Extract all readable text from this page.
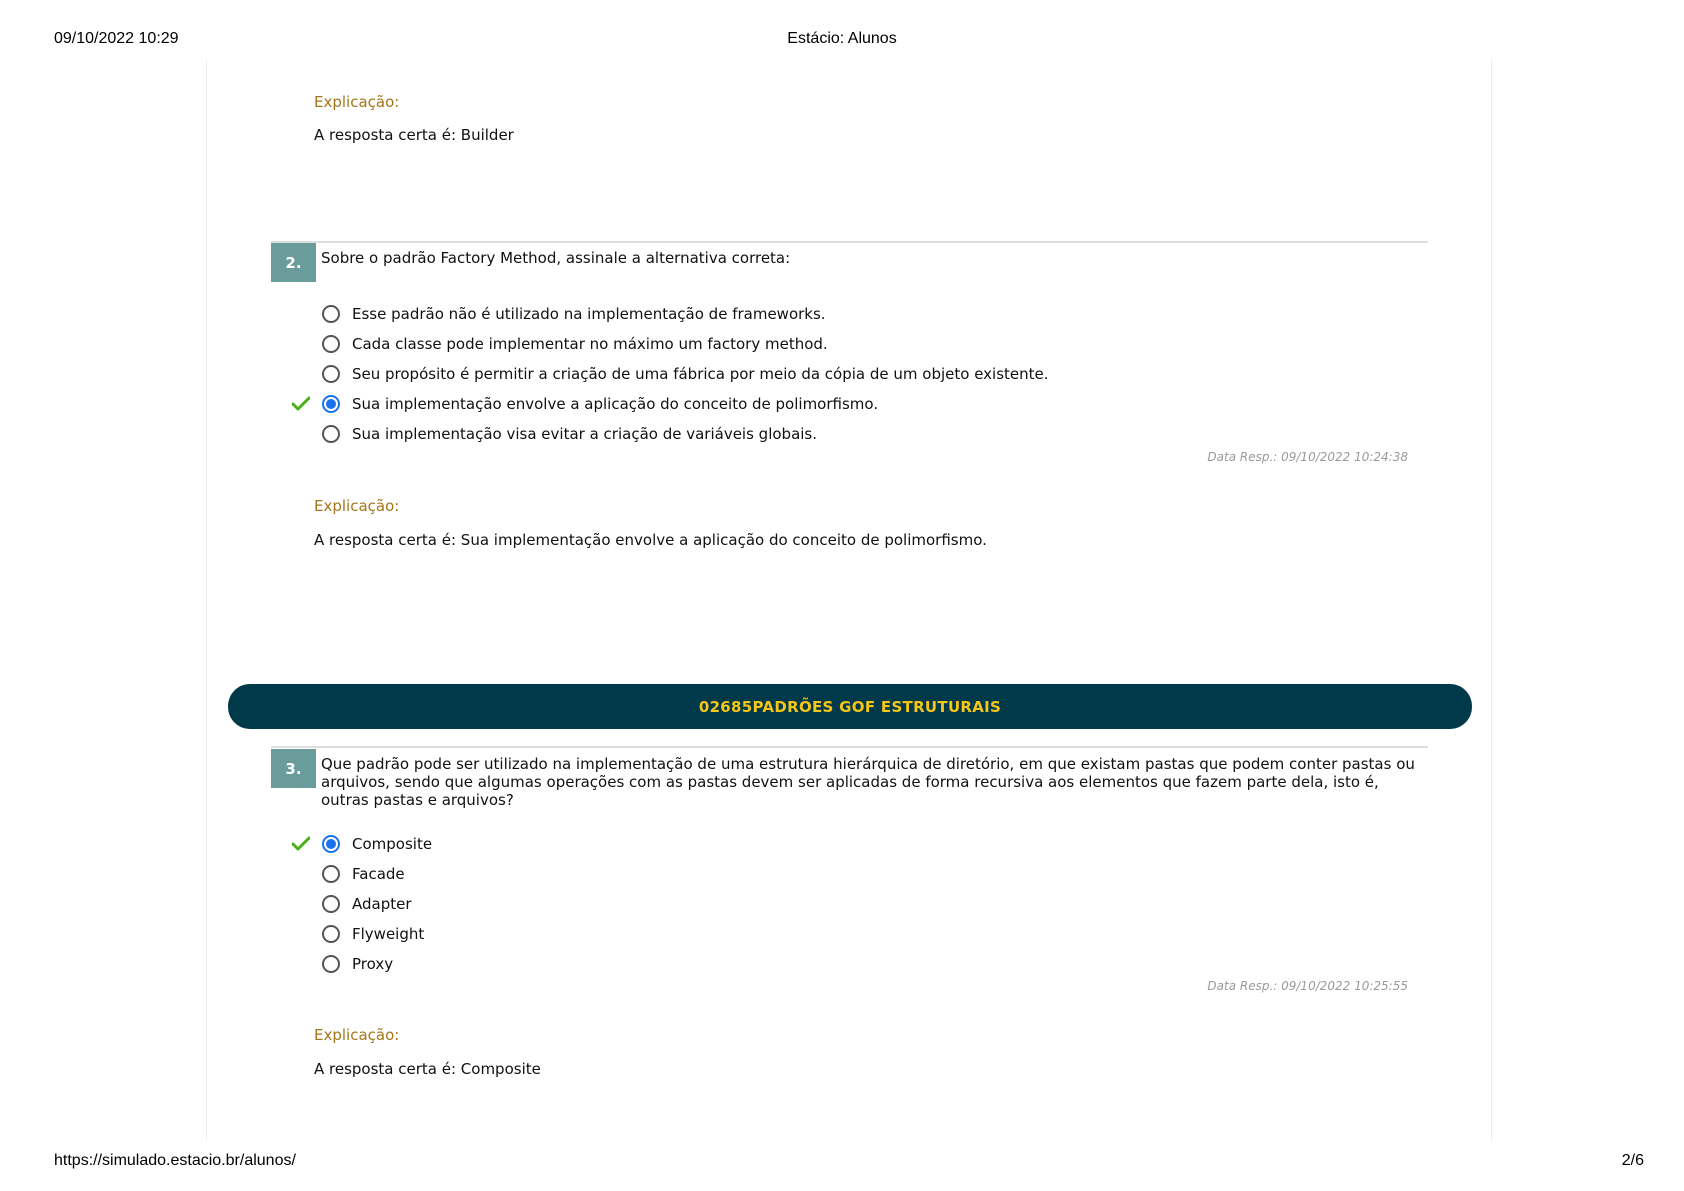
09/10/2022 10:29	Estácio: Alunos
Explicação:
A resposta certa é: Builder
2.	Sobre o padrão Factory Method, assinale a alternativa correta:
Esse padrão não é utilizado na implementação de frameworks.
Cada classe pode implementar no máximo um factory method.
Seu propósito é permitir a criação de uma fábrica por meio da cópia de um objeto existente.
Sua implementação envolve a aplicação do conceito de polimorfismo.
Sua implementação visa evitar a criação de variáveis globais.
Data Resp.: 09/10/2022 10:24:38
Explicação:
A resposta certa é: Sua implementação envolve a aplicação do conceito de polimorfismo.
02685PADRÕES GOF ESTRUTURAIS
3.	Que padrão pode ser utilizado na implementação de uma estrutura hierárquica de diretório, em que existam pastas que podem conter pastas ou arquivos, sendo que algumas operações com as pastas devem ser aplicadas de forma recursiva aos elementos que fazem parte dela, isto é, outras pastas e arquivos?
Composite
Facade
Adapter
Flyweight
Proxy
Data Resp.: 09/10/2022 10:25:55
Explicação:
A resposta certa é: Composite
https://simulado.estacio.br/alunos/	2/6
